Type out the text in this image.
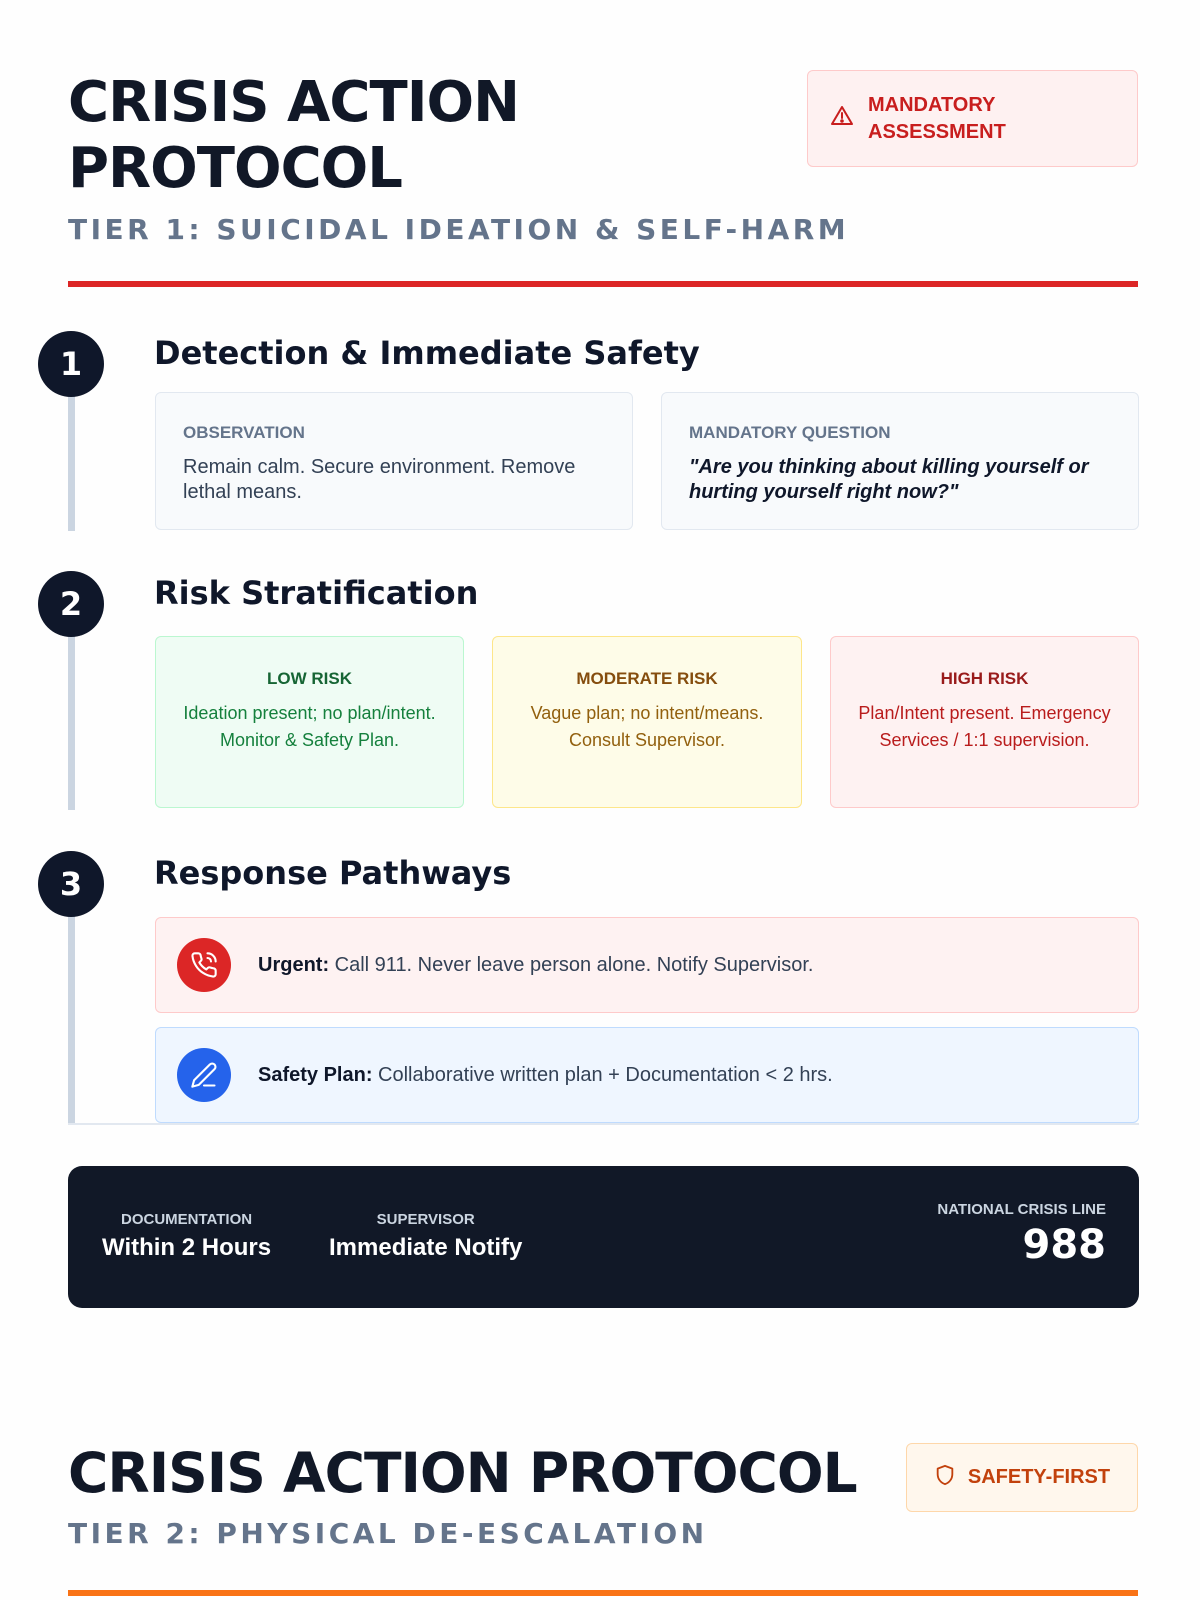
CRISIS ACTION PROTOCOL
TIER 1: SUICIDAL IDEATION & SELF-HARM
MANDATORY ASSESSMENT
1	Detection & Immediate Safety
OBSERVATION
Remain calm. Secure environment. Remove lethal means.
MANDATORY QUESTION
"Are you thinking about killing yourself or hurting yourself right now?"
2	Risk Stratification
LOW RISK
Ideation present; no plan/intent. Monitor & Safety Plan.
MODERATE RISK
Vague plan; no intent/means. Consult Supervisor.
HIGH RISK
Plan/Intent present. Emergency Services / 1:1 supervision.
3	Response Pathways
Urgent: Call 911. Never leave person alone. Notify Supervisor.
Safety Plan: Collaborative written plan + Documentation < 2 hrs.
DOCUMENTATION
Within 2 Hours
SUPERVISOR
Immediate Notify
NATIONAL CRISIS LINE
988
CRISIS ACTION PROTOCOL
TIER 2: PHYSICAL DE-ESCALATION
SAFETY-FIRST
